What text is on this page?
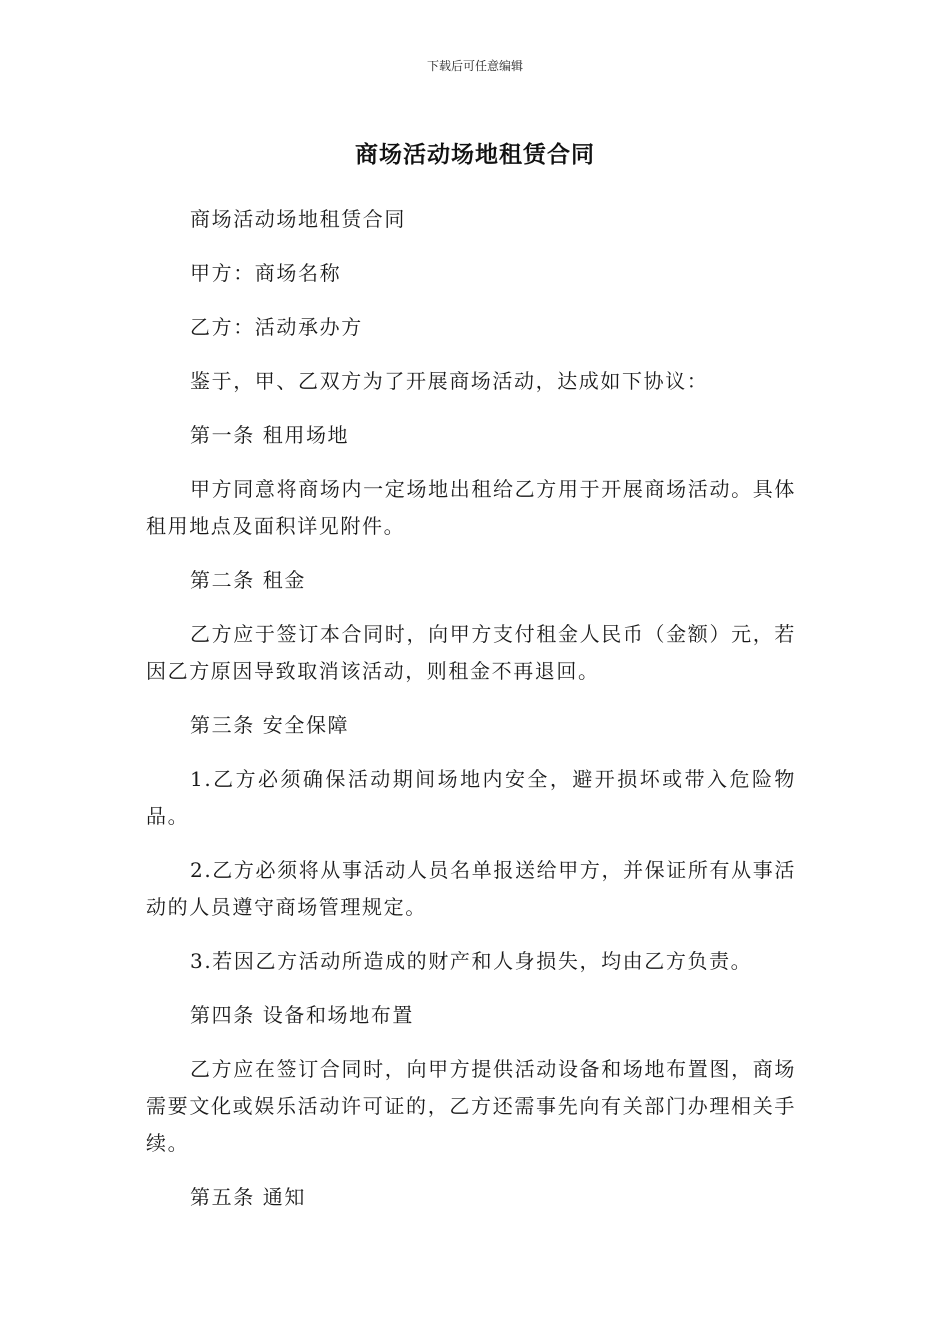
下载后可任意编辑
商场活动场地租赁合同

商场活动场地租赁合同

甲方：商场名称

乙方：活动承办方

鉴于，甲、乙双方为了开展商场活动，达成如下协议：

第一条 租用场地

甲方同意将商场内一定场地出租给乙方用于开展商场活动。具体租用地点及面积详见附件。

第二条 租金

乙方应于签订本合同时，向甲方支付租金人民币（金额）元，若因乙方原因导致取消该活动，则租金不再退回。

第三条 安全保障

1.乙方必须确保活动期间场地内安全，避开损坏或带入危险物品。

2.乙方必须将从事活动人员名单报送给甲方，并保证所有从事活动的人员遵守商场管理规定。

3.若因乙方活动所造成的财产和人身损失，均由乙方负责。

第四条 设备和场地布置

乙方应在签订合同时，向甲方提供活动设备和场地布置图，商场需要文化或娱乐活动许可证的，乙方还需事先向有关部门办理相关手续。

第五条 通知
